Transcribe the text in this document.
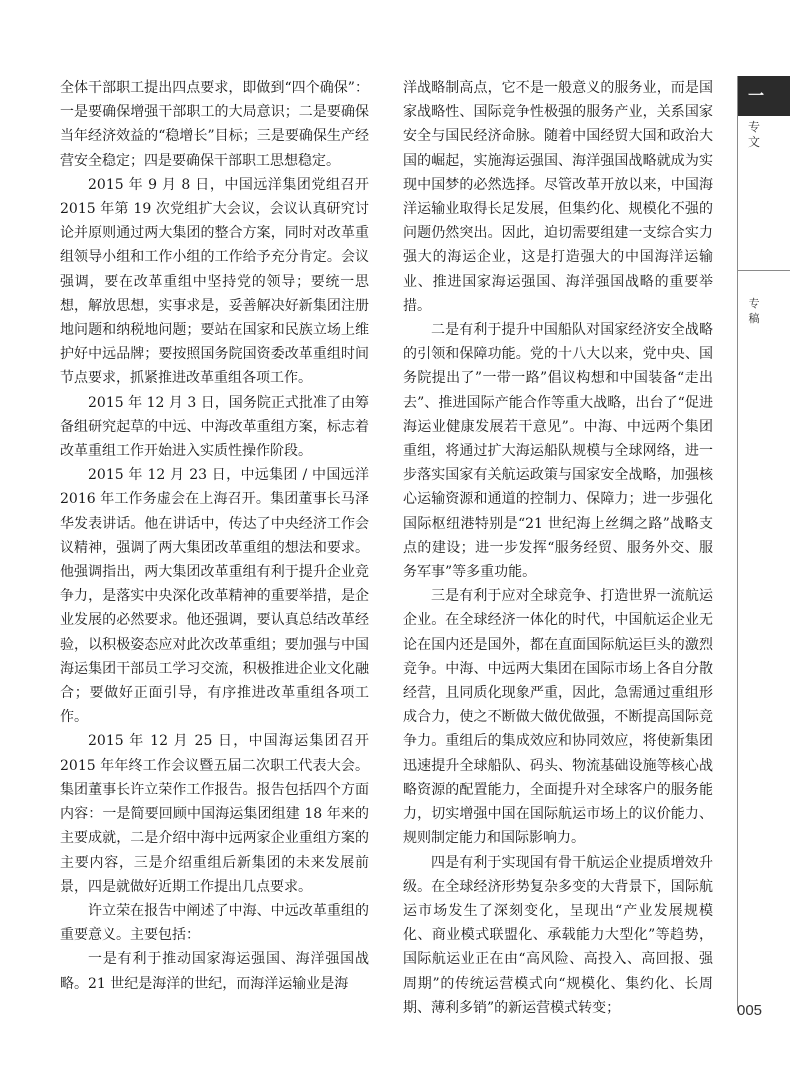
全体干部职工提出四点要求，即做到“四个确保”：一是要确保增强干部职工的大局意识；二是要确保当年经济效益的“稳增长”目标；三是要确保生产经营安全稳定；四是要确保干部职工思想稳定。

2015 年 9 月 8 日，中国远洋集团党组召开 2015 年第 19 次党组扩大会议，会议认真研究讨论并原则通过两大集团的整合方案，同时对改革重组领导小组和工作小组的工作给予充分肯定。会议强调，要在改革重组中坚持党的领导；要统一思想，解放思想，实事求是，妥善解决好新集团注册地问题和纳税地问题；要站在国家和民族立场上维护好中远品牌；要按照国务院国资委改革重组时间节点要求，抓紧推进改革重组各项工作。

2015 年 12 月 3 日，国务院正式批准了由筹备组研究起草的中远、中海改革重组方案，标志着改革重组工作开始进入实质性操作阶段。

2015 年 12 月 23 日，中远集团 / 中国远洋 2016 年工作务虚会在上海召开。集团董事长马泽华发表讲话。他在讲话中，传达了中央经济工作会议精神，强调了两大集团改革重组的想法和要求。他强调指出，两大集团改革重组有利于提升企业竞争力，是落实中央深化改革精神的重要举措，是企业发展的必然要求。他还强调，要认真总结改革经验，以积极姿态应对此次改革重组；要加强与中国海运集团干部员工学习交流，积极推进企业文化融合；要做好正面引导，有序推进改革重组各项工作。

2015 年 12 月 25 日，中国海运集团召开 2015 年年终工作会议暨五届二次职工代表大会。集团董事长许立荣作工作报告。报告包括四个方面内容：一是简要回顾中国海运集团组建 18 年来的主要成就，二是介绍中海中远两家企业重组方案的主要内容，三是介绍重组后新集团的未来发展前景，四是就做好近期工作提出几点要求。

许立荣在报告中阐述了中海、中远改革重组的重要意义。主要包括：

一是有利于推动国家海运强国、海洋强国战略。21 世纪是海洋的世纪，而海洋运输业是海

洋战略制高点，它不是一般意义的服务业，而是国家战略性、国际竞争性极强的服务产业，关系国家安全与国民经济命脉。随着中国经贸大国和政治大国的崛起，实施海运强国、海洋强国战略就成为实现中国梦的必然选择。尽管改革开放以来，中国海洋运输业取得长足发展，但集约化、规模化不强的问题仍然突出。因此，迫切需要组建一支综合实力强大的海运企业，这是打造强大的中国海洋运输业、推进国家海运强国、海洋强国战略的重要举措。

二是有利于提升中国船队对国家经济安全战略的引领和保障功能。党的十八大以来，党中央、国务院提出了”一带一路”倡议构想和中国装备“走出去”、推进国际产能合作等重大战略，出台了“促进海运业健康发展若干意见”。中海、中远两个集团重组，将通过扩大海运船队规模与全球网络，进一步落实国家有关航运政策与国家安全战略，加强核心运输资源和通道的控制力、保障力；进一步强化国际枢纽港特别是“21 世纪海上丝绸之路”战略支点的建设；进一步发挥“服务经贸、服务外交、服务军事”等多重功能。

三是有利于应对全球竞争、打造世界一流航运企业。在全球经济一体化的时代，中国航运企业无论在国内还是国外，都在直面国际航运巨头的激烈竞争。中海、中远两大集团在国际市场上各自分散经营，且同质化现象严重，因此，急需通过重组形成合力，使之不断做大做优做强，不断提高国际竞争力。重组后的集成效应和协同效应，将使新集团迅速提升全球船队、码头、物流基础设施等核心战略资源的配置能力，全面提升对全球客户的服务能力，切实增强中国在国际航运市场上的议价能力、规则制定能力和国际影响力。

四是有利于实现国有骨干航运企业提质增效升级。在全球经济形势复杂多变的大背景下，国际航运市场发生了深刻变化，呈现出“产业发展规模化、商业模式联盟化、承载能力大型化”等趋势，国际航运业正在由“高风险、高投入、高回报、强周期”的传统运营模式向“规模化、集约化、长周期、薄利多销”的新运营模式转变；

一
专文
专稿
005
